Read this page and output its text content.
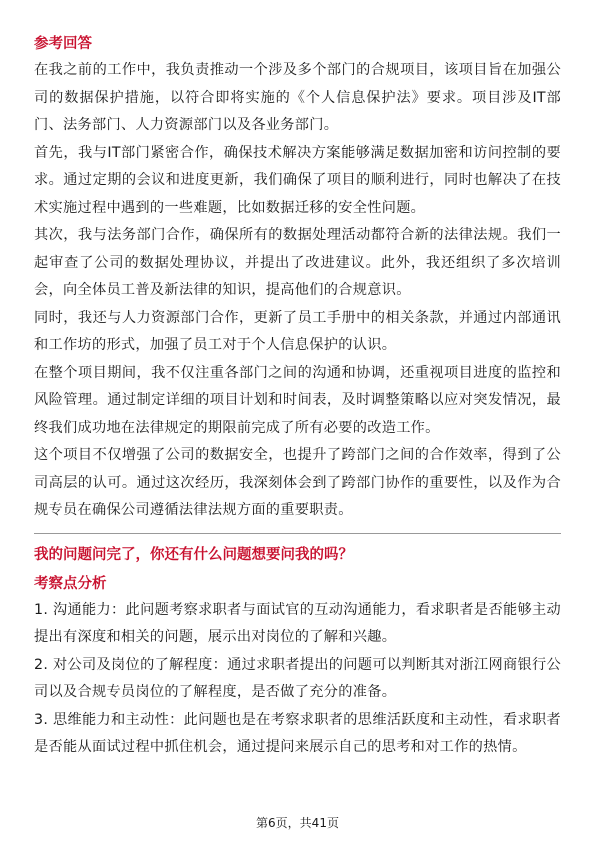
参考回答

在我之前的工作中，我负责推动一个涉及多个部门的合规项目，该项目旨在加强公司的数据保护措施，以符合即将实施的《个人信息保护法》要求。项目涉及IT部门、法务部门、人力资源部门以及各业务部门。

首先，我与IT部门紧密合作，确保技术解决方案能够满足数据加密和访问控制的要求。通过定期的会议和进度更新，我们确保了项目的顺利进行，同时也解决了在技术实施过程中遇到的一些难题，比如数据迁移的安全性问题。

其次，我与法务部门合作，确保所有的数据处理活动都符合新的法律法规。我们一起审查了公司的数据处理协议，并提出了改进建议。此外，我还组织了多次培训会，向全体员工普及新法律的知识，提高他们的合规意识。

同时，我还与人力资源部门合作，更新了员工手册中的相关条款，并通过内部通讯和工作坊的形式，加强了员工对于个人信息保护的认识。

在整个项目期间，我不仅注重各部门之间的沟通和协调，还重视项目进度的监控和风险管理。通过制定详细的项目计划和时间表，及时调整策略以应对突发情况，最终我们成功地在法律规定的期限前完成了所有必要的改造工作。

这个项目不仅增强了公司的数据安全，也提升了跨部门之间的合作效率，得到了公司高层的认可。通过这次经历，我深刻体会到了跨部门协作的重要性，以及作为合规专员在确保公司遵循法律法规方面的重要职责。

我的问题问完了，你还有什么问题想要问我的吗？
考察点分析

1. 沟通能力：此问题考察求职者与面试官的互动沟通能力，看求职者是否能够主动提出有深度和相关的问题，展示出对岗位的了解和兴趣。

2. 对公司及岗位的了解程度：通过求职者提出的问题可以判断其对浙江网商银行公司以及合规专员岗位的了解程度，是否做了充分的准备。

3. 思维能力和主动性：此问题也是在考察求职者的思维活跃度和主动性，看求职者是否能从面试过程中抓住机会，通过提问来展示自己的思考和对工作的热情。

第6页，共41页
